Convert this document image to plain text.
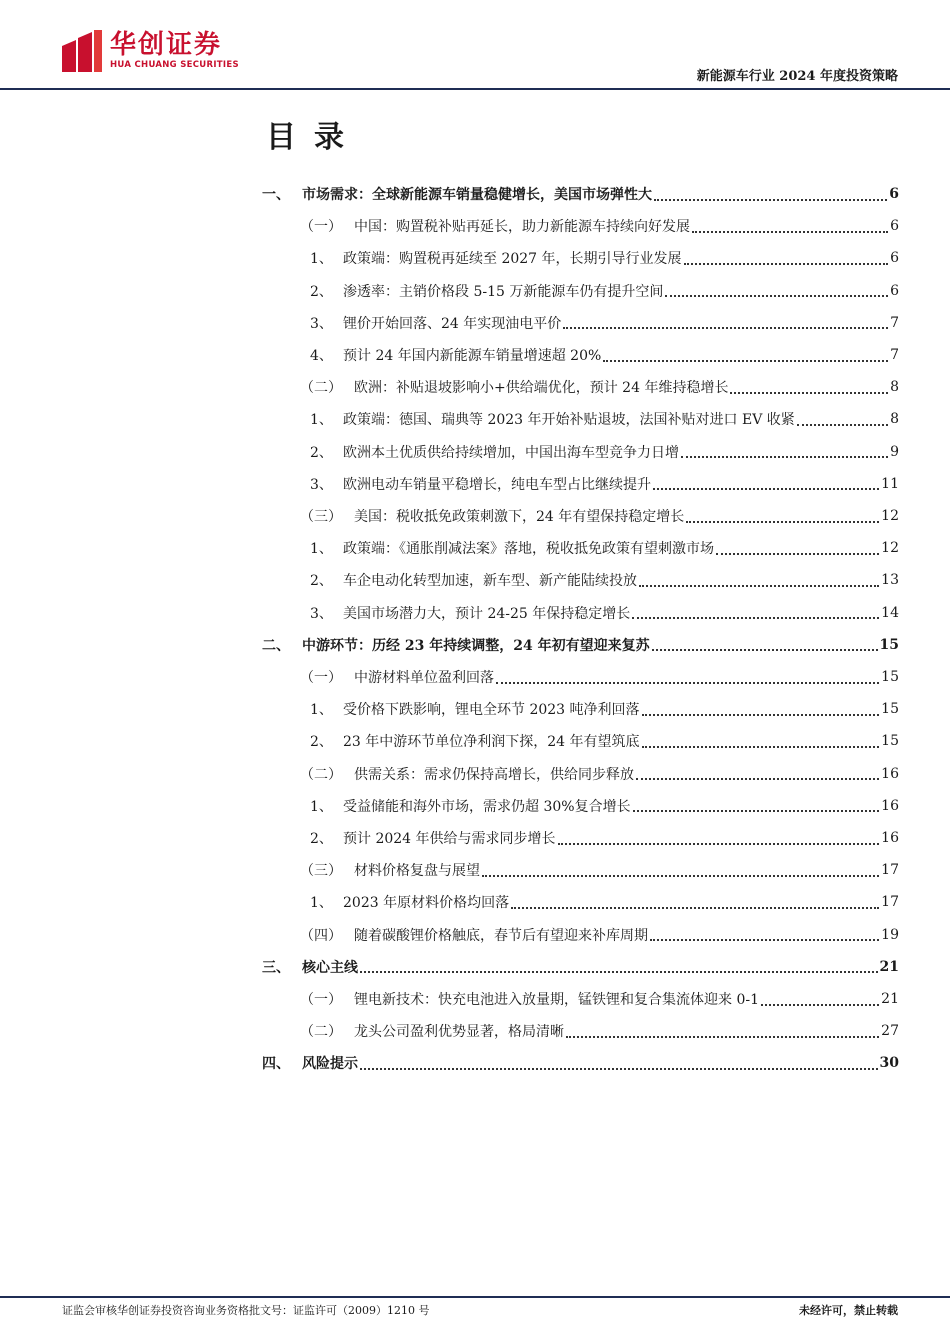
华创证券
HUA CHUANG SECURITIES
新能源车行业 2024 年度投资策略
目录
一、 市场需求：全球新能源车销量稳健增长，美国市场弹性大	6
（一） 中国：购置税补贴再延长，助力新能源车持续向好发展	6
1、 政策端：购置税再延续至 2027 年，长期引导行业发展	6
2、 渗透率：主销价格段 5-15 万新能源车仍有提升空间	6
3、 锂价开始回落、24 年实现油电平价	7
4、 预计 24 年国内新能源车销量增速超 20%	7
（二） 欧洲：补贴退坡影响小+供给端优化，预计 24 年维持稳增长	8
1、 政策端：德国、瑞典等 2023 年开始补贴退坡，法国补贴对进口 EV 收紧	8
2、 欧洲本土优质供给持续增加，中国出海车型竞争力日增	9
3、 欧洲电动车销量平稳增长，纯电车型占比继续提升	11
（三） 美国：税收抵免政策刺激下，24 年有望保持稳定增长	12
1、 政策端：《通胀削减法案》落地，税收抵免政策有望刺激市场	12
2、 车企电动化转型加速，新车型、新产能陆续投放	13
3、 美国市场潜力大，预计 24-25 年保持稳定增长	14
二、 中游环节：历经 23 年持续调整，24 年初有望迎来复苏	15
（一） 中游材料单位盈利回落	15
1、 受价格下跌影响，锂电全环节 2023 吨净利回落	15
2、 23 年中游环节单位净利润下探，24 年有望筑底	15
（二） 供需关系：需求仍保持高增长，供给同步释放	16
1、 受益储能和海外市场，需求仍超 30%复合增长	16
2、 预计 2024 年供给与需求同步增长	16
（三） 材料价格复盘与展望	17
1、 2023 年原材料价格均回落	17
（四） 随着碳酸锂价格触底，春节后有望迎来补库周期	19
三、 核心主线	21
（一） 锂电新技术：快充电池进入放量期，锰铁锂和复合集流体迎来 0-1	21
（二） 龙头公司盈利优势显著，格局清晰	27
四、 风险提示	30
证监会审核华创证券投资咨询业务资格批文号：证监许可（2009）1210 号	未经许可，禁止转载
